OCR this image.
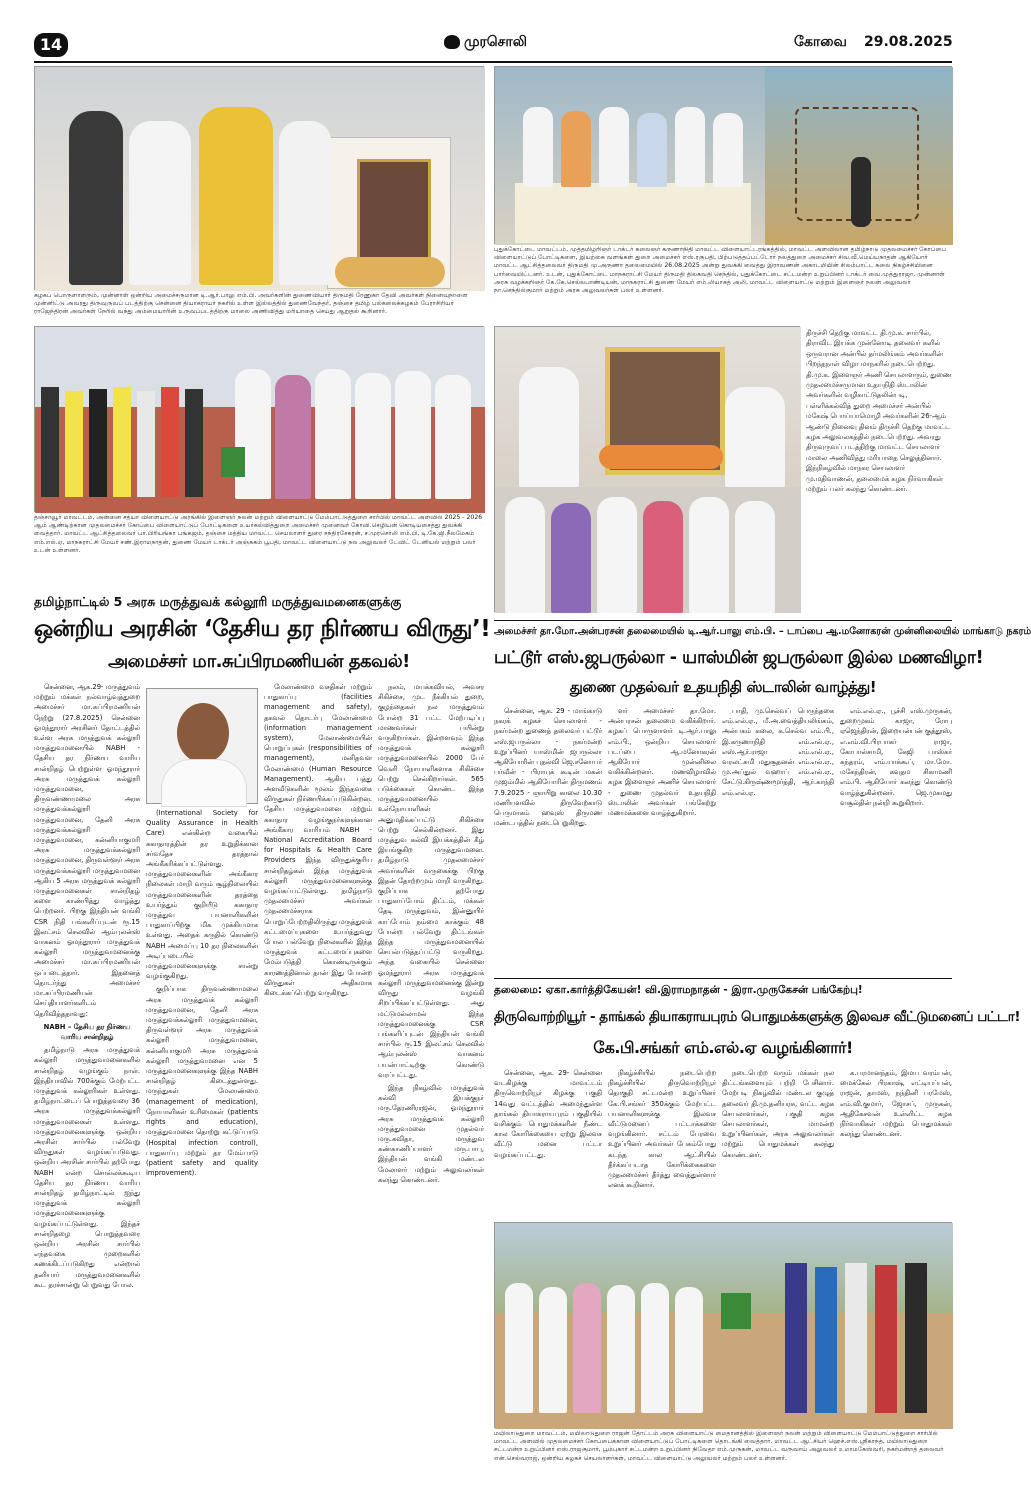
14	முரசொலி	கோவை 29.08.2025
கழகப் பொருளாளரும், முன்னாள் ஒன்றிய அமைச்சருமான டி.ஆர்.பாலு எம்.பி. அவர்களின் துணைவியார் திருமதி ரேணுகா தேவி அவர்கள் நினைவுநாளை முன்னிட்டு அவரது திருவுருவப் படத்திற்கு சென்னை தியாகராயர் நகரில் உள்ள இல்லத்தில் துணைவேந்தர், தஞ்சை தமிழ் பல்கலைக்கழகம் பேராசிரியர் ராஜேந்திரன் அவர்கள் நேரில் வந்து அம்மையாரின் உருவப்படத்திற்கு மாலை அணிவித்து மரியாதை செய்து ஆறுதல் கூறினார்.
புதுக்கோட்டை மாவட்டம், முத்தமிழறிஞர் டாக்டர் கலைஞர் கருணாநிதி மாவட்ட விளையாட்டரங்கத்தில், மாவட்ட அளவிலான தமிழ்நாடு முதலமைச்சர் கோப்பை விளையாட்டுப் போட்டிகளை, இயற்கை வளங்கள் துறை அமைச்சர் எஸ்.ரகுபதி, பிற்படுத்தப்பட்டோர் நலத்துறை அமைச்சர் சிவ.வீ.மெய்யநாதன் ஆகியோர் மாவட்ட ஆட்சித்தலைவர் திருமதி மு.அருணா தலைமையில் 26.08.2025 அன்று துவக்கி வைத்து இராவணன் அகாடமியின் சிலம்பாட்ட கலை நிகழ்ச்சியினை பார்வையிட்டனர். உடன், புதுக்கோட்டை மாநகராட்சி மேயர் திருமதி திலகவதி செந்தில், புதுக்கோட்டை சட்டமன்ற உறுப்பினர் டாக்டர் வை.முத்துராஜா, முன்னாள் அரசு வழக்கறிஞர் கே.கே.செல்லபாண்டியன், மாநகராட்சி துணை மேயர் எம்.லியாகத் அலி, மாவட்ட விளையாட்டு மற்றும் இளைஞர் நலன் அலுவலர் நா.செந்தில்குமார் மற்றும் அரசு அலுவலர்கள் பலர் உள்ளனர்.
தஞ்சாவூர் மாவட்டம், அன்னை சத்யா விளையாட்டு அரங்கில் இளைஞர் நலன் மற்றும் விளையாட்டு மேம்பாட்டுத்துறை சார்பில் மாவட்ட அளவில் 2025 - 2026 ஆம் ஆண்டிற்கான முதலமைச்சர் கோப்பை விளையாட்டுப் போட்டிகளை உயர்கல்வித்துறை அமைச்சர் முனைவர் கோவி.செழியன் கொடியசைத்து துவக்கி வைத்தார். மாவட்ட ஆட்சித்தலைவர் பா.பிரியங்கா பங்கஜம், தஞ்சை மத்திய மாவட்ட செயலாளர் துரை சந்திரசேகரன், ச.முரசொலி எம்.பி, டி.கே.ஜி.நீலமேகம் எம்.எல்.ஏ, மாநகராட்சி மேயர் சண்.இராமநாதன், துணை மேயர் டாக்டர் அஞ்சுகம் பூபதி, மாவட்ட விளையாட்டு நல அலுவலர் டேவிட் டேனியல் மற்றும் பலர் உடன் உள்ளனர்.
திருச்சி தெற்கு மாவட்ட தி.மு.க. சார்பில், திராவிட இயக்க முன்னோடி தலைவர் களில் ஒருவரான அன்பில் தர்மலிங்கம் அவர்களின் பிறந்தநாள் விழா மாநகரில் நடைபெற்றது. தி.மு.க. இளைஞர் அணி செயலாளரும், துணை முதலமைச்சருமான உதயநிதி ஸ்டாலின் அவர்களின் வழிகாட்டுதலின்படி, பள்ளிக்கல்வித் துறை அமைச்சர் அன்பில் மகேஷ் பொய்யாமொழி அவர்களின் 26-ஆம் ஆண்டு நினைவு தினம் திருச்சி தெற்கு மாவட்ட கழக அலுவலகத்தில் நடைபெற்றது. அவரது திருவுருவப் படத்திற்கு மாவட்ட செயலாளர் மாலை அணிவித்து மரியாதை செலுத்தினார். இந்நிகழ்வில் மாநகர செயலாளர் மு.மதிவாணன், தலைமைக் கழக நிர்வாகிகள் மற்றும் பலர் கலந்து கொண்டனர்.
தமிழ்நாட்டில் 5 அரசு மருத்துவக் கல்லூரி மருத்துவமனைகளுக்கு
ஒன்றிய அரசின் ‘தேசிய தர நிர்ணய விருது’!
அமைச்சர் மா.சுப்பிரமணியன் தகவல்!

சென்னை, ஆக.29- மருத்துவம் மற்றும் மக்கள் நல்வாழ்வுத்துறை அமைச்சர் மா.சுப்பிரமணியன் நேற்று (27.8.2025) சென்னை ஓமந்தூரார் அரசினர் தோட்டத்தில் உள்ள அரசு மருத்துவக் கல்லூரி மருத்துவமனையில் NABH - தேசிய தர நிர்ணய வாரிய சான்றிதழ் பெற்றுள்ள ஓமந்தூரார் அரசு மருத்துவக் கல்லூரி மருத்துவமனை, திருவண்ணாமலை அரசு மருத்துவக்கல்லூரி மருத்துவமனை, தேனி அரசு மருத்துவக்கல்லூரி மருத்துவமனை, கன்னியாகுமரி அரசு மருத்துவக்கல்லூரி மருத்துவமனை, திருவள்ளூர் அரசு மருத்துவக்கல்லூரி மருத்துவமனை ஆகிய 5 அரசு மருத்துவக் கல்லூரி மருத்துவமனைகள் சான்றிதழ் களை காண்பித்து வாழ்த்து பெற்றனர். பிறகு இந்தியன் வங்கி CSR நிதி பங்களிப்புடன் ரூ.15 இலட்சம் செலவில் ஆம்புலன்ஸ் வாகனம் ஓமந்தூரார் மருத்துவக் கல்லூரி மருத்துவமனைக்கு அமைச்சர் மா.சுப்பிரமணியன் ஒப்படைத்தார். இதனைத் தொடர்ந்து அமைச்சர் மா.சுப்பிரமணியன் செய்தியாளர்களிடம் தெரிவித்ததாவது:

NABH – தேசிய தர நிர்ணய வாரிய சான்றிதழ்

தமிழ்நாடு அரசு மருத்துவக் கல்லூரி மருத்துவமனைகளில் சான்றிதழ் வழங்கும் நாள். இந்தியாவில் 700க்கும் மேற்பட்ட மருத்துவக் கல்லூரிகள் உள்ளது. தமிழ்நாட்டைப் பொறுத்தவரை 36 அரசு மருத்துவக்கல்லூரி மருத்துவமனைகள் உள்ளது. மருத்துவமனைகளுக்கு ஒன்றிய அரசின் சார்பில் பல்வேறு விருதுகள் வழங்கப்படுவது. ஒன்றிய அரசின் சார்பில் தற்போது NABH என்ற சொல்லக்கூடிய தேசிய தர நிர்ணய வாரிய சான்றிதழ் தமிழ்நாட்டில் ஐந்து மருத்துவக் கல்லூரி மருத்துவமனைகளுக்கு வழங்கப்பட்டுள்ளது. இந்தச் சான்றிதழை பொறுத்தவரை ஒன்றிய அரசின் சார்பில் எந்தவகை முறைகளில் கணக்கிடப்படுகிறது என்றால் தனியார் மருத்துவமனைகளில் கூட தரச்சான்று பெறுவது போல.

(International Society for Quality Assurance in Health Care) என்கின்ற வகையில் சுகாதாரத்தின் தர உறுதிக்கான சர்வதேச தரத்தால் அங்கீகரிக்கப்பட்டுள்ளது. மருத்துவமனைகளின் அங்கீகார நிலைகள் மாறி வரும் சூழ்நிலையில் மருத்துவமனைகளின் தரத்தை உயர்த்தும் குறியீடு சுகாதார மருத்துவ பயனாளிகளின் பாதுகாப்பிற்கு மிக முக்கியமாக உள்ளது. அதைக் கருதில் கொண்டு NABH அமைப்பு 10 தர நிலைகளின் அடிப்படையில் மருத்துவமனைகளுக்கு சான்று வழங்குகிறது.

குறிப்பாக திருவண்ணாமலை அரசு மருத்துவக் கல்லூரி மருத்துவமனை, தேனி அரசு மருத்துவக்கல்லூரி மருத்துவமனை, திருவள்ளூர் அரசு மருத்துவக் கல்லூரி மருத்துவமனை, கன்னியாகுமரி அரசு மருத்துவக் கல்லூரி மருத்துவமனை என 5 மருத்துவமனைகளுக்கு இந்த NABH சான்றிதழ் கிடைத்துள்ளது. மருந்துகள் மேலாண்மை (management of medication), நோயாளிகள் உரிமைகள் (patients rights and education), மருத்துவமனை தொற்று கட்டுப்பாடு (Hospital infection control), பாதுகாப்பு மற்றும் தர மேம்பாடு (patient safety and quality improvement).

மேலாண்மை வசதிகள் மற்றும் பாதுகாப்பு (facilities management and safety), தகவல் தொடர்பு மேலாண்மை (information management system), மேலாண்மையின் பொறுப்புகள் (responsibilities of management), மனிதவள மேலாண்மை (Human Resource Management). ஆகிய பத்து அளவீடுகளின் மூலம் இந்தவகை விருதுகள் நிர்ணயிக்கப்படுகின்றன. தேசிய மருத்துவமனை மற்றும் சுகாதார வழங்குநர்களுக்கான அங்கீகார வாரியம் NABH - National Accreditation Board for Hospitals & Health Care Providers இந்த விருதுக்குரிய சான்றிதழ்கள் இந்த மருத்துவக் கல்லூரி மருத்துவமனைகளுக்கு வழங்கப்பட்டுள்ளது. தமிழ்நாடு முதலமைச்சர் அவர்கள் முதலமைச்சராக பொறுப்பேற்றதிலிருந்து மருத்துவக் கட்டமைப்புகளை உயர்த்துவது போல பல்வேறு நிலைகளில் இந்த மருத்துவக் கட்டமைப்புகளை மேம்படுத்தி கொண்டிருக்கும் காரணத்தினால் தான் இது போன்ற விருதுகள் அதிகமாக கிடைக்கப்பெற்று வருகிறது.

நலம், மயக்கவியல், அவசர சிகிச்சை, முட நீக்கியல் துறை, குழந்தைகள் நல மருத்துவம் போன்ற 31 பட்ட மேற்படிப்பு மாணவர்கள் பயின்று வருகிறார்கள். இன்றளவும் இந்த மருத்துவக் கல்லூரி மருத்துவமனையில் 2000 பேர் வெளி நோயாளிகளாக சிகிச்சை பெற்று செல்கிறார்கள். 565 படுக்கைகள் கொண்ட இந்த மருத்துவமனையில் உள்நோயாளிகள் அனுமதிக்கப்பட்டு சிகிச்சை பெற்று செல்கின்றனர். இது மருத்துவ கல்வி இயக்கத்தின் கீழ் இயங்குகிற மருத்துவமனை. தமிழ்நாடு முதலமைச்சர் அவர்களின் வருகைக்கு பிறகு இதன் தோற்றமும் மாறி வருகிறது. குறிப்பாக தற்போது பாதுகாப்போம் திட்டம், மக்கள் தேடி மருத்துவம், இன்னுயிர் காப்போம் நம்மை காக்கும் 48 போன்ற பல்வேறு திட்டங்கள் இந்த மருத்துவமனையில் செயல்படுத்தப்பட்டு வருகிறது. அந்த வகையில் சென்னை ஓமந்தூரார் அரசு மருத்துவக் கல்லூரி மருத்துவமனைக்கு இன்று விருது வழங்கி சிறப்பிக்கப்பட்டுள்ளது. அது மட்டுமல்லாமல் இந்த மருத்துவமனைக்கு CSR பங்களிப்புடன் இந்தியன் வங்கி சார்பில் ரூ.15 இலட்சம் செலவில் ஆம்புலன்ஸ் வாகனம் பயன்பாட்டிற்கு கொண்டு வரப்பட்டது.

இந்த நிகழ்வில் மருத்துவக் கல்வி இயக்குநர் மரு.தேரணிராஜன், ஓமந்தூரார் அரசு மருத்துவக் கல்லூரி மருத்துவமனை முதல்வர் மரு.கவிதா, மருத்துவ கண்காணிப்பாளர் மரு.பாபு, இந்தியன் வங்கி மண்டல மேலாளர் மற்றும் அலுவலர்கள் கலந்து கொண்டனர்.

அமைச்சர் தா.மோ.அன்பரசன் தலைமையில் டி.ஆர்.பாலு எம்.பி. – டாப்பை ஆ.மனோகரன் முன்னிலையில் மாங்காடு நகரம்
பட்டூர் எஸ்.ஜபருல்லா - யாஸ்மின் ஜபருல்லா இல்ல மணவிழா!
துணை முதல்வர் உதயநிதி ஸ்டாலின் வாழ்த்து!

சென்னை, ஆக. 29 - மாங்காடு நகரக் கழகச் செயலாளர் - நகர்மன்ற துணைத் தலைவர் பட்டூர் எஸ்.ஜபருல்லா - நகர்மன்ற உறுப்பினர் யாஸ்மின் ஜபருல்லா ஆகியோரின் புதல்வி ஜெ.சனோபர் பர்வீன் - பிராயுக் கூடின் மகன் முஜம்மில் ஆகியோரின் திருமணம் 7.9.2025 - ஞாயிறு காலை 10.30 மணியளவில் திருவேற்காடு பெருமாகம் ஹவுஸ் திருமண மண்டபத்தில் நடைபெறுகிறது.

ளர் அமைச்சர் தா.மோ. அன்பரசன் தலைமை வகிக்கிறார். கழகப் பொருளாளர் டி.ஆர்.பாலு எம்.பி., ஒன்றிய செயலாளர் படப்பை ஆ.மனோகரன் ஆகியோர் முன்னிலை வகிக்கின்றனர். மணவிழாவில் கழக இளைஞர் அணிச் செயலாளர் - துணை முதல்வர் உதயநிதி ஸ்டாலின் அவர்கள் பங்கேற்று மணமக்களை வாழ்த்துகிறார்.

பாதி, மு.செல்வப் பெருந்தகை எம்.எல்.ஏ., மீ.அ.வைத்தியலிங்கம், அன்பகம் கலை, க.செல்வ எம்.பி., இ.கருணாநிதி எம்.எல்.ஏ., எஸ்.ஆர்.ராஜா எம்.எல்.ஏ., வரலட்சுமி மதுசூதனன் எம்.எல்.ஏ., மு.அப்துல் வஹாப் எம்.எல்.ஏ., சேட்டு.கிருஷ்ணமூர்த்தி, ஆர்.காந்தி எம்.எல்.ஏ.

எம்.எல்.ஏ., பூச்சி எஸ்.முருகன், துறைமுகம் காஜா, ரோபு ஏஜெந்திரன், இறையன்பன் குத்தூஸ், எ.எம்.வி.பிரபாகர் ராஜா, கோபால்சாமி, கேஜி பாஸ்கர் சுந்தரம், எம்.யாக்கூப், மா.மோ. மகேந்திரன், கவுதம சிகாமணி எம்.பி. ஆகியோர் கலந்து கொண்டு வாழ்த்துகின்றனர். ஜெ.முகமது வசூல்தின் நன்றி கூறுகிறார்.

தலைமை: ஏகா.கார்த்திகேயன்! வி.இராமநாதன் - இரா.முருகேசன் பங்கேற்பு!
திருவொற்றியூர் - தாங்கல் தியாகராயபுரம் பொதுமக்களுக்கு இலவச வீட்டுமனைப் பட்டா!
கே.பி.சங்கர் எம்.எல்.ஏ வழங்கினார்!

சென்னை, ஆக. 29- சென்னை வடகிழக்கு மாவட்டம் திருவொற்றியூர் கிழக்கு பகுதி 14வது வட்டத்தில் அமைந்துள்ள தாங்கல் தியாகராயபுரம் பகுதியில் வசிக்கும் பொதுமக்களின் நீண்ட கால கோரிக்கையை ஏற்று இலவச வீட்டு மனை பட்டா வழங்கப்பட்டது.

நிகழ்ச்சியில் நடைபெற்ற நிகழ்ச்சியில் திருவொற்றியூர் தொகுதி சட்டமன்ற உறுப்பினர் கே.பி.சங்கர் 350க்கும் மேற்பட்ட பயனாளிகளுக்கு இலவச வீட்டுமனைப் பட்டாக்களை வழங்கினார். சட்டம் பேரவை உறுப்பினர் அவர்கள் பேசும்போது கடந்த கால ஆட்சியில் தீர்க்கப்படாத கோரிக்கைகளை முதலமைச்சர் தீர்த்து வைத்துள்ளார் எனக் கூறினார்.

நடைபெற்ற வரும் மக்கள் நல திட்டங்களையும் பற்றி பேசினார். மேற்படி நிகழ்வில் மண்டல குழுத் தலைவர் தி.மு.தனியரசு, வட்ட கழக செயலாளர்கள், பகுதி கழக செயலாளர்கள், மாமன்ற உறுப்பினர்கள், அரசு அலுவலர்கள் மற்றும் பொதுமக்கள் கலந்து கொண்டனர்.

க.பரமானந்தம், இமய வரம்பன், மைக்கேல் பிரகாஷ், எட்டியப்பன், ராஜன், தாமஸ், நந்தினி பரமேஸ், எம்.வி.குமார், ஜோசப், முருகன், ஆதிகேசவன் உள்ளிட்ட கழக நிர்வாகிகள் மற்றும் பொதுமக்கள் கலந்து கொண்டனர்.

மயிலாடுதுறை மாவட்டம், மயிலாடுதுறை ராஜன் தோட்டம் அரசு விளையாட்டு மைதானத்தில் இளைஞர் நலன் மற்றும் விளையாட்டு மேம்பாட்டுத்துறை சார்பில் மாவட்ட அளவில் முதலமைச்சர் கோப்பைக்கான விளையாட்டுப் போட்டிகளை தொடங்கி வைத்தார். மாவட்ட ஆட்சியர் ஹெச்.எஸ்.ஸ்ரீகாந்த், மயிலாடுதுறை சட்டமன்ற உறுப்பினர் எஸ்.ராஜகுமார், பூம்புகார் சட்டமன்ற உறுப்பினர் நிவேதா எம்.முருகன், மாவட்ட வருவாய் அலுவலர் உமாமகேஸ்வரி, நகர்மன்றத் தலைவர் என்.செல்வராஜ், ஒன்றிய கழகச் செயலாளர்கள், மாவட்ட விளையாட்டு அலுவலர் மற்றும் பலர் உள்ளனர்.
